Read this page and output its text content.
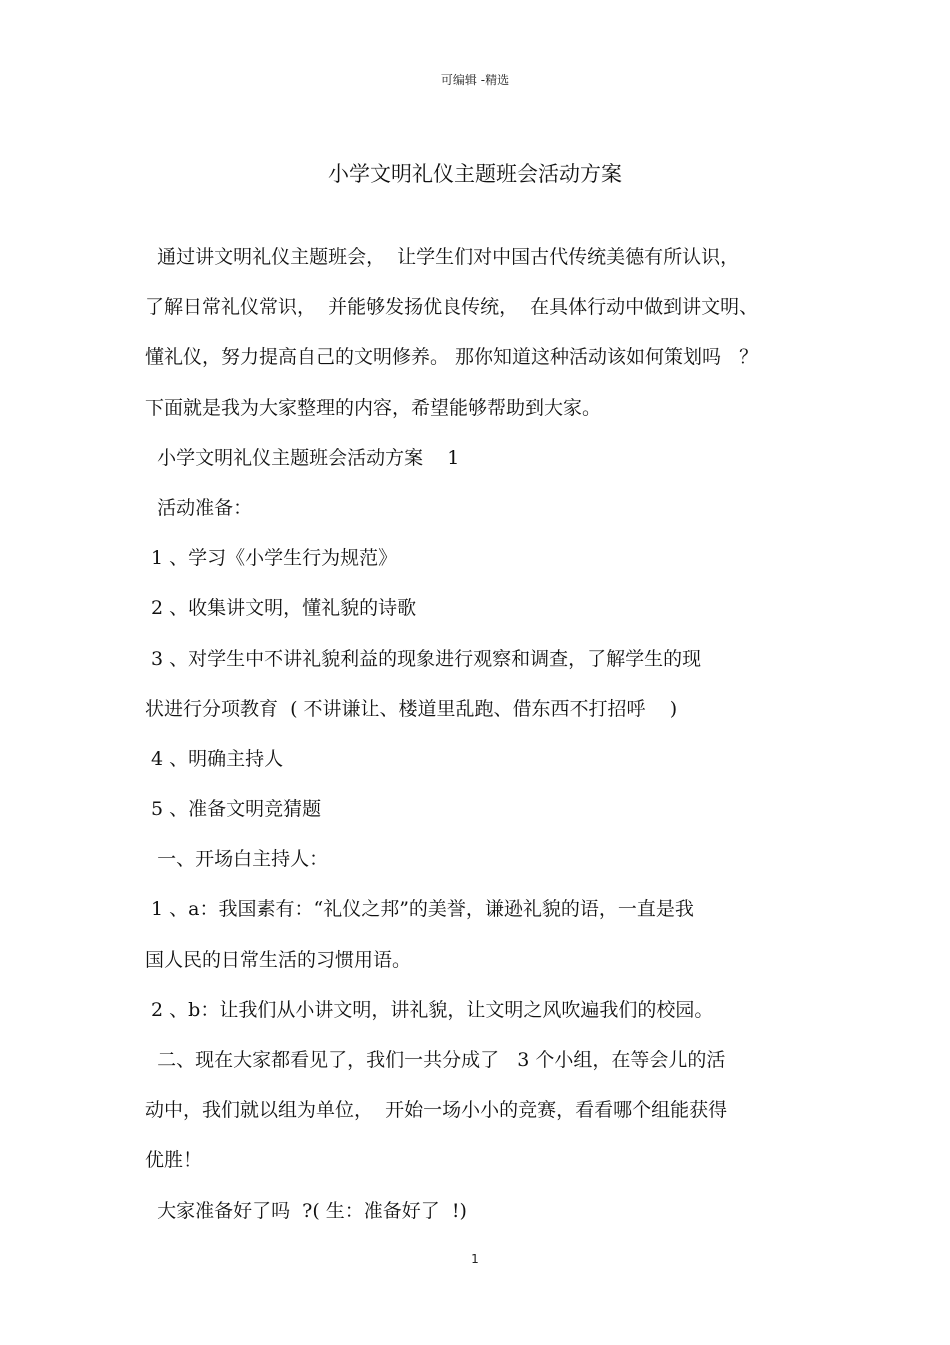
可编辑 -精选
小学文明礼仪主题班会活动方案
通过讲文明礼仪主题班会，  让学生们对中国古代传统美德有所认识，
了解日常礼仪常识，  并能够发扬优良传统，  在具体行动中做到讲文明、
懂礼仪，努力提高自己的文明修养。 那你知道这种活动该如何策划吗   ？
下面就是我为大家整理的内容，希望能够帮助到大家。
小学文明礼仪主题班会活动方案    1
活动准备：
1 、学习《小学生行为规范》
2 、收集讲文明，懂礼貌的诗歌
3 、对学生中不讲礼貌利益的现象进行观察和调查，了解学生的现
状进行分项教育  ( 不讲谦让、楼道里乱跑、借东西不打招呼    )
4 、明确主持人
5 、准备文明竞猜题
一、开场白主持人：
1 、a：我国素有：“礼仪之邦”的美誉，谦逊礼貌的语，一直是我
国人民的日常生活的习惯用语。
2 、b：让我们从小讲文明，讲礼貌，让文明之风吹遍我们的校园。
二、现在大家都看见了，我们一共分成了   3 个小组，在等会儿的活
动中，我们就以组为单位，  开始一场小小的竞赛，看看哪个组能获得
优胜！
大家准备好了吗  ?( 生：准备好了  !)
1
